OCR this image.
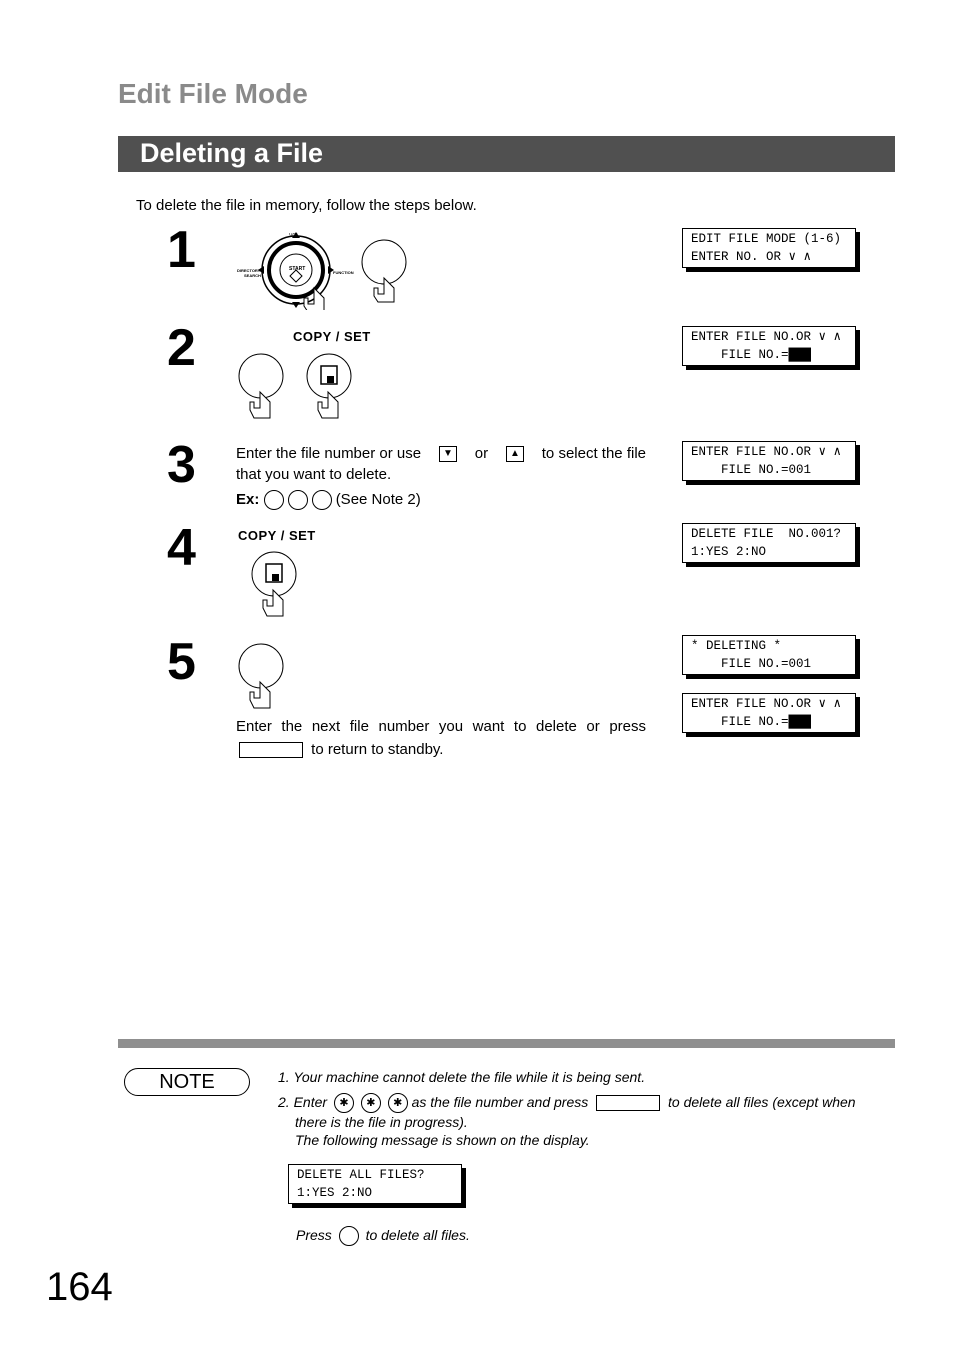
Edit File Mode
Deleting a File
To delete the file in memory, follow the steps below.
1	VOL.
DIRECTORY
SEARCH
START
FUNCTION
EDIT FILE MODE (1-6)
ENTER NO. OR ∨ ∧
2	COPY / SET	ENTER FILE NO.OR ∨ ∧
FILE NO.=███
3	Enter the file number or use	▼ or	▲ to select the file
that you want to delete.
Ex:	(See Note 2)
ENTER FILE NO.OR ∨ ∧
FILE NO.=001
4	COPY / SET	DELETE FILE  NO.001?
1:YES 2:NO
5
Enter the next file number you want to delete or press
to return to standby.
* DELETING *
FILE NO.=001
ENTER FILE NO.OR ∨ ∧
FILE NO.=███
NOTE	1. Your machine cannot delete the file while it is being sent.
2. Enter ✱ ✱ ✱ as the file number and press	to delete all files (except when
there is the file in progress).
The following message is shown on the display.
DELETE ALL FILES?
1:YES 2:NO
Press to delete all files.
164
